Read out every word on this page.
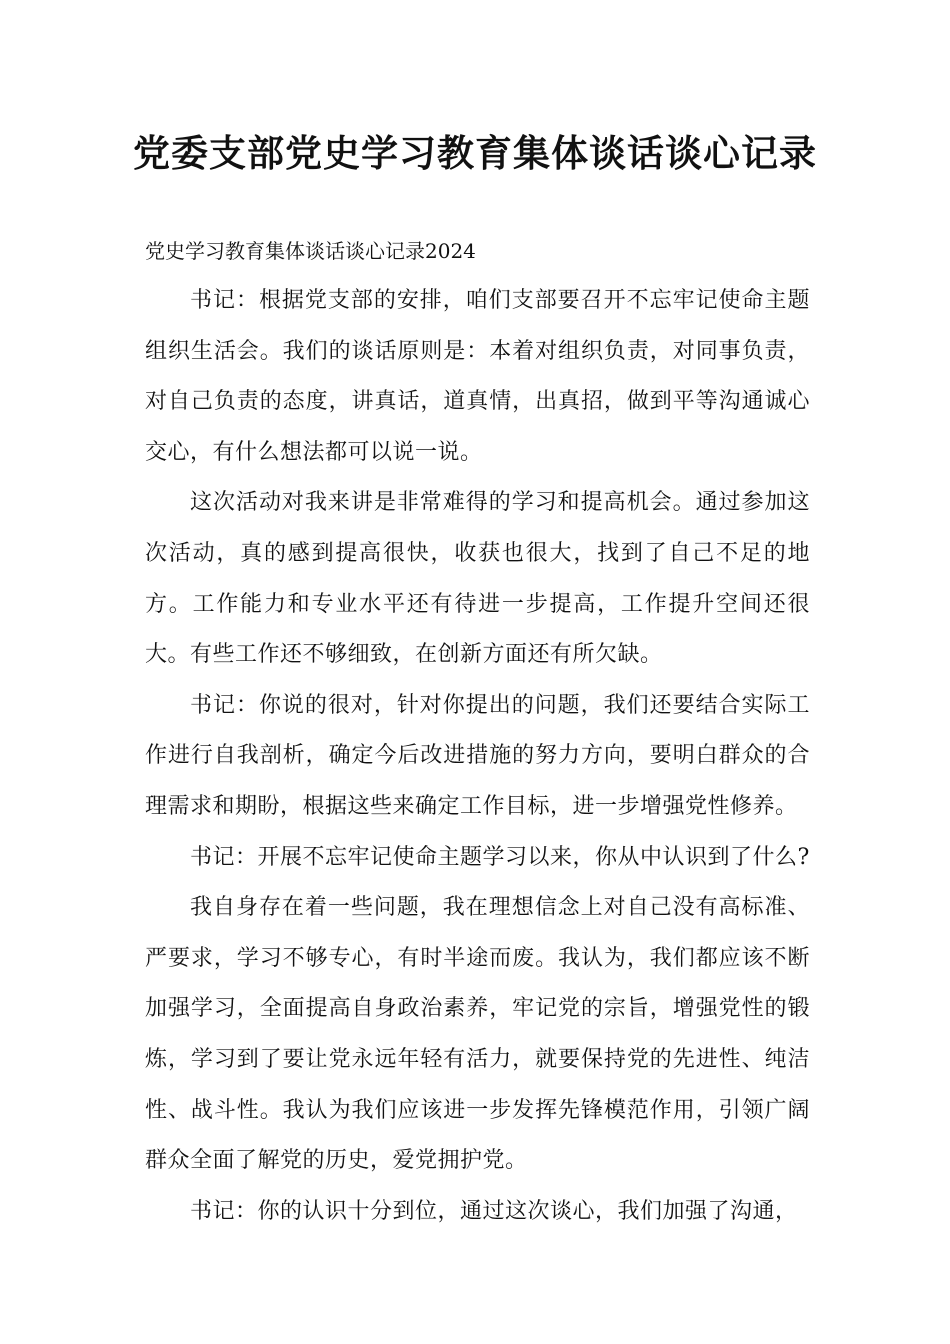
党委支部党史学习教育集体谈话谈心记录

党史学习教育集体谈话谈心记录2024

书记：根据党支部的安排，咱们支部要召开不忘牢记使命主题组织生活会。我们的谈话原则是：本着对组织负责，对同事负责，对自己负责的态度，讲真话，道真情，出真招，做到平等沟通诚心交心，有什么想法都可以说一说。

这次活动对我来讲是非常难得的学习和提高机会。通过参加这次活动，真的感到提高很快，收获也很大，找到了自己不足的地方。工作能力和专业水平还有待进一步提高，工作提升空间还很大。有些工作还不够细致，在创新方面还有所欠缺。

书记：你说的很对，针对你提出的问题，我们还要结合实际工作进行自我剖析，确定今后改进措施的努力方向，要明白群众的合理需求和期盼，根据这些来确定工作目标，进一步增强党性修养。

书记：开展不忘牢记使命主题学习以来，你从中认识到了什么?

我自身存在着一些问题，我在理想信念上对自己没有高标准、严要求，学习不够专心，有时半途而废。我认为，我们都应该不断加强学习，全面提高自身政治素养，牢记党的宗旨，增强党性的锻炼，学习到了要让党永远年轻有活力，就要保持党的先进性、纯洁性、战斗性。我认为我们应该进一步发挥先锋模范作用，引领广阔群众全面了解党的历史，爱党拥护党。

书记：你的认识十分到位，通过这次谈心，我们加强了沟通，
